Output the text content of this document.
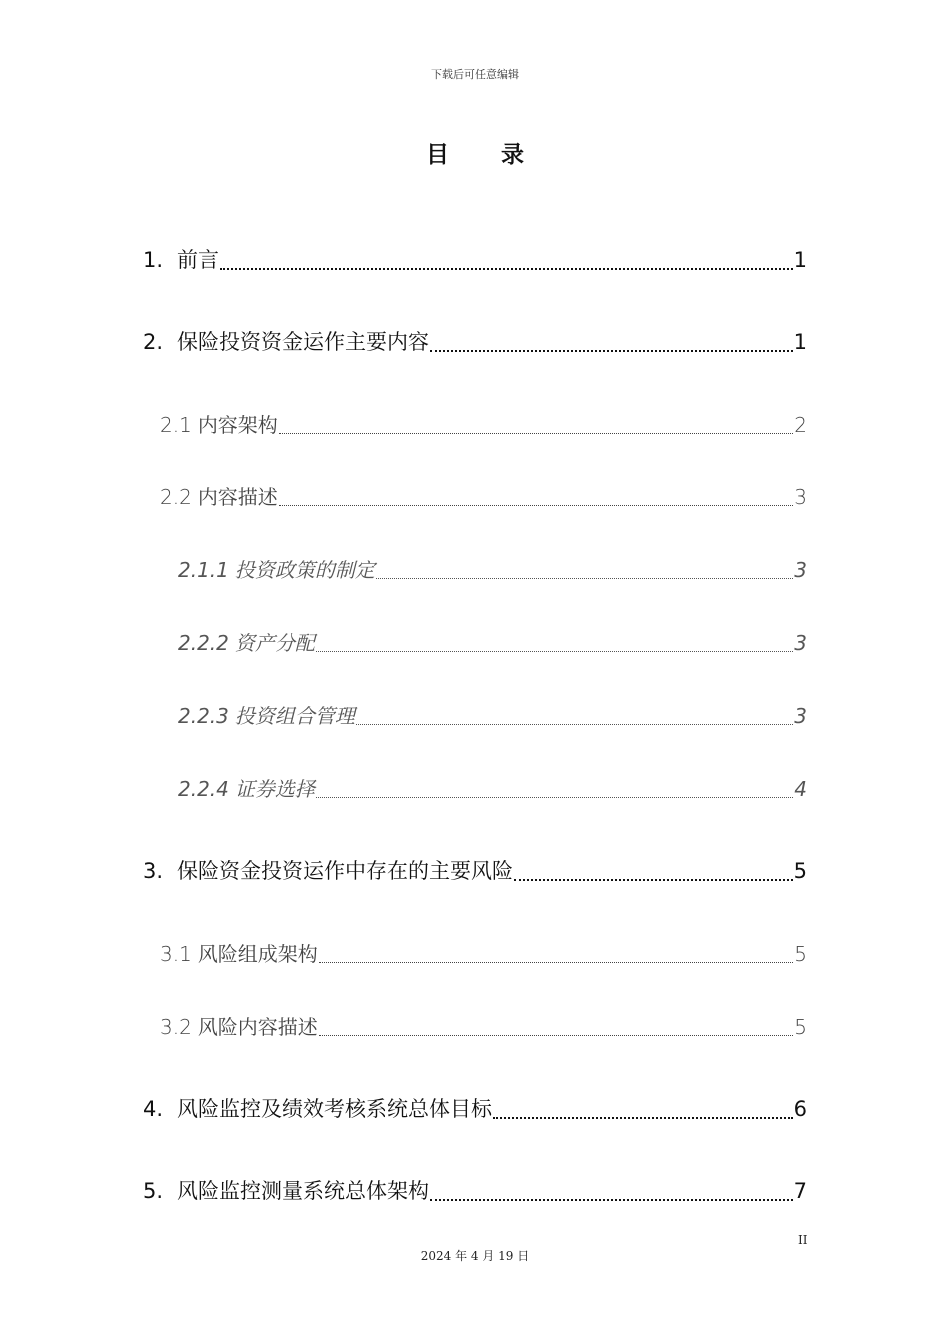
下载后可任意编辑
目 录
1. 前言	1
2. 保险投资资金运作主要内容	1
2.1 内容架构	2
2.2 内容描述	3
2.1.1 投资政策的制定	3
2.2.2 资产分配	3
2.2.3 投资组合管理	3
2.2.4 证券选择	4
3. 保险资金投资运作中存在的主要风险	5
3.1 风险组成架构	5
3.2 风险内容描述	5
4. 风险监控及绩效考核系统总体目标	6
5. 风险监控测量系统总体架构	7
II
2024 年 4 月 19 日
